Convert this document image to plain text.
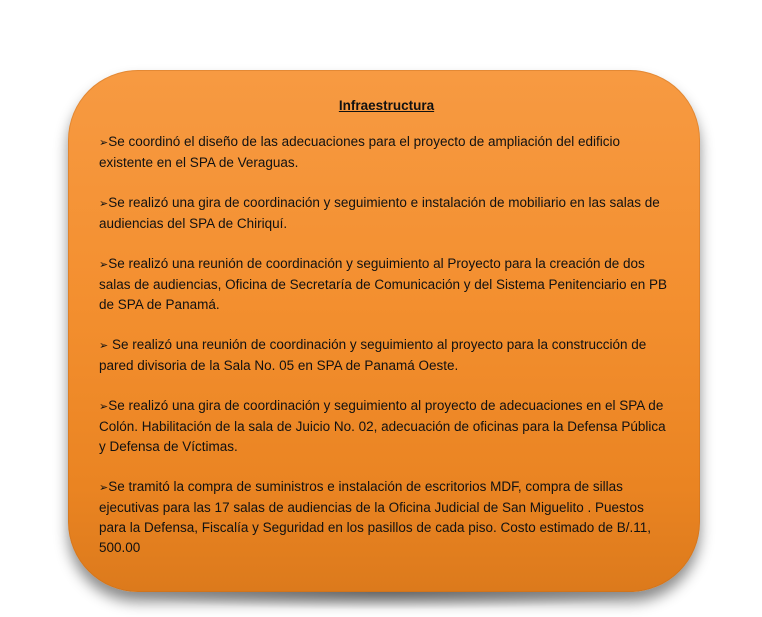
Infraestructura
➢Se coordinó el diseño de las adecuaciones para el proyecto de ampliación del edificio existente en el SPA de Veraguas.
➢Se realizó una gira de coordinación y seguimiento e instalación de mobiliario en las salas de audiencias del SPA de Chiriquí.
➢Se realizó una reunión de coordinación y seguimiento al Proyecto para la creación de dos salas de audiencias, Oficina de Secretaría de Comunicación y del Sistema Penitenciario en PB de SPA de Panamá.
➢ Se realizó una reunión de coordinación y seguimiento al proyecto para la construcción de pared divisoria de la Sala No. 05 en SPA de Panamá Oeste.
➢Se realizó una gira de coordinación y seguimiento al proyecto de adecuaciones en el SPA de Colón. Habilitación de la sala de Juicio No. 02, adecuación de oficinas para la Defensa Pública y Defensa de Víctimas.
➢Se tramitó la compra de suministros e instalación de escritorios MDF, compra de sillas ejecutivas para las 17 salas de audiencias de la Oficina Judicial de San Miguelito . Puestos para la Defensa, Fiscalía y Seguridad en los pasillos de cada piso. Costo estimado de B/.11, 500.00
